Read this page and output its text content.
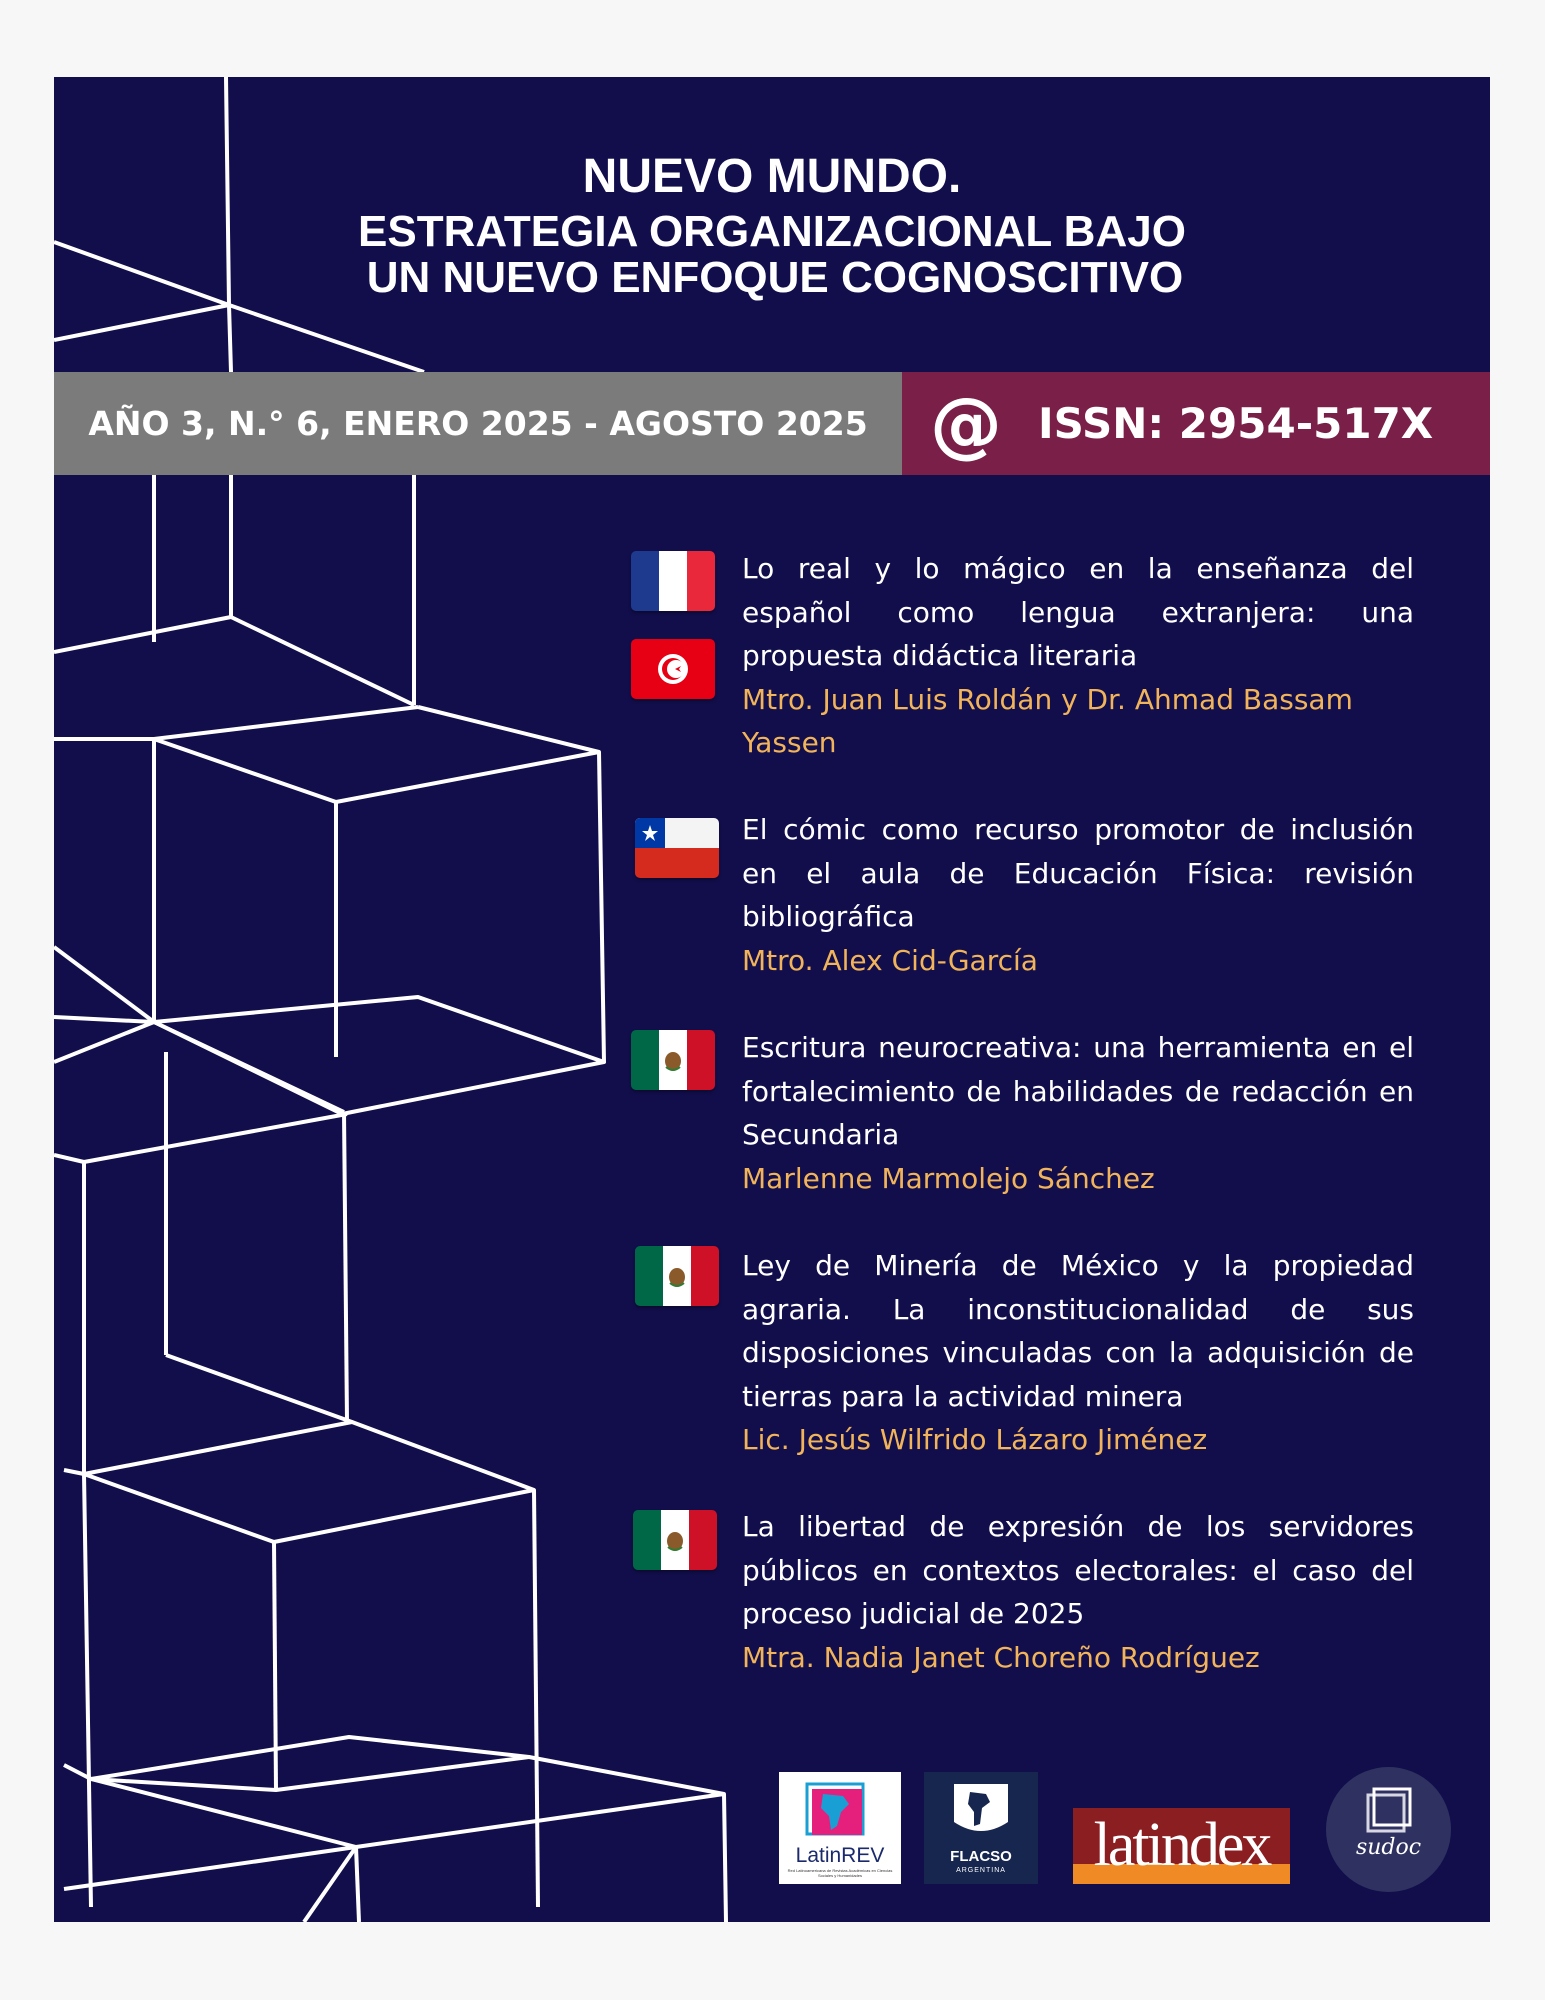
NUEVO MUNDO.
ESTRATEGIA ORGANIZACIONAL BAJO
UN NUEVO ENFOQUE COGNOSCITIVO
AÑO 3, N.° 6, ENERO 2025 - AGOSTO 2025 @ ISSN: 2954-517X
Lo real y lo mágico en la enseñanza del español como lengua extranjera: una propuesta didáctica literaria
Mtro. Juan Luis Roldán y Dr. Ahmad Bassam Yassen
El cómic como recurso promotor de inclusión en el aula de Educación Física: revisión bibliográfica
Mtro. Alex Cid-García
Escritura neurocreativa: una herramienta en el fortalecimiento de habilidades de redacción en Secundaria
Marlenne Marmolejo Sánchez
Ley de Minería de México y la propiedad agraria. La inconstitucionalidad de sus disposiciones vinculadas con la adquisición de tierras para la actividad minera
Lic. Jesús Wilfrido Lázaro Jiménez
La libertad de expresión de los servidores públicos en contextos electorales: el caso del proceso judicial de 2025
Mtra. Nadia Janet Choreño Rodríguez
LatinREV
Red Latinoamericana de Revistas Académicas en Ciencias Sociales y Humanidades
FLACSO
ARGENTINA	latindex	sudoc
